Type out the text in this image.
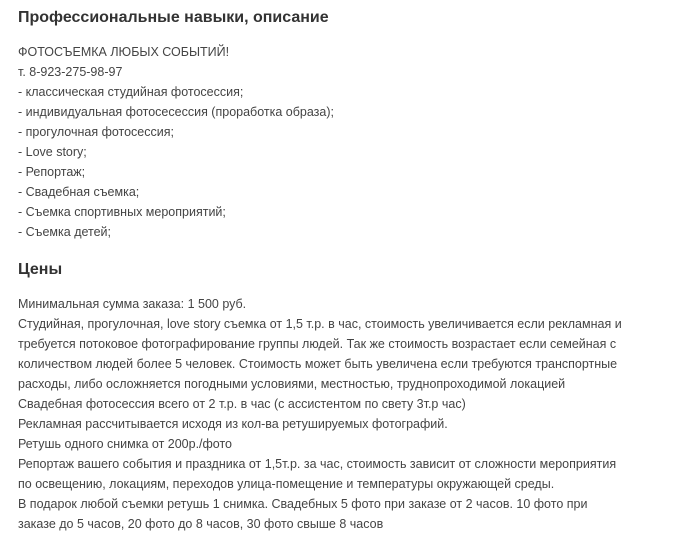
Профессиональные навыки, описание
ФОТОСЪЕМКА ЛЮБЫХ СОБЫТИЙ!
т. 8-923-275-98-97
- классическая студийная фотосессия;
- индивидуальная фотосесессия (проработка образа);
- прогулочная фотосессия;
- Love story;
- Репортаж;
- Свадебная съемка;
- Съемка спортивных мероприятий;
- Съемка детей;
Цены
Минимальная сумма заказа: 1 500 руб.
Студийная, прогулочная, love story съемка от 1,5 т.р. в час, стоимость увеличивается если рекламная и
требуется потоковое фотографирование группы людей. Так же стоимость возрастает если семейная с
количеством людей более 5 человек. Стоимость может быть увеличена если требуются транспортные
расходы, либо осложняется погодными условиями, местностью, труднопроходимой локацией
Свадебная фотосессия всего от 2 т.р. в час (с ассистентом по свету 3т.р час)
Рекламная рассчитывается исходя из кол-ва ретушируемых фотографий.
Ретушь одного снимка от 200р./фото
Репортаж вашего события и праздника от 1,5т.р. за час, стоимость зависит от сложности мероприятия
по освещению, локациям, переходов улица-помещение и температуры окружающей среды.
В подарок любой съемки ретушь 1 снимка. Свадебных 5 фото при заказе от 2 часов. 10 фото при
заказе до 5 часов, 20 фото до 8 часов, 30 фото свыше 8 часов
